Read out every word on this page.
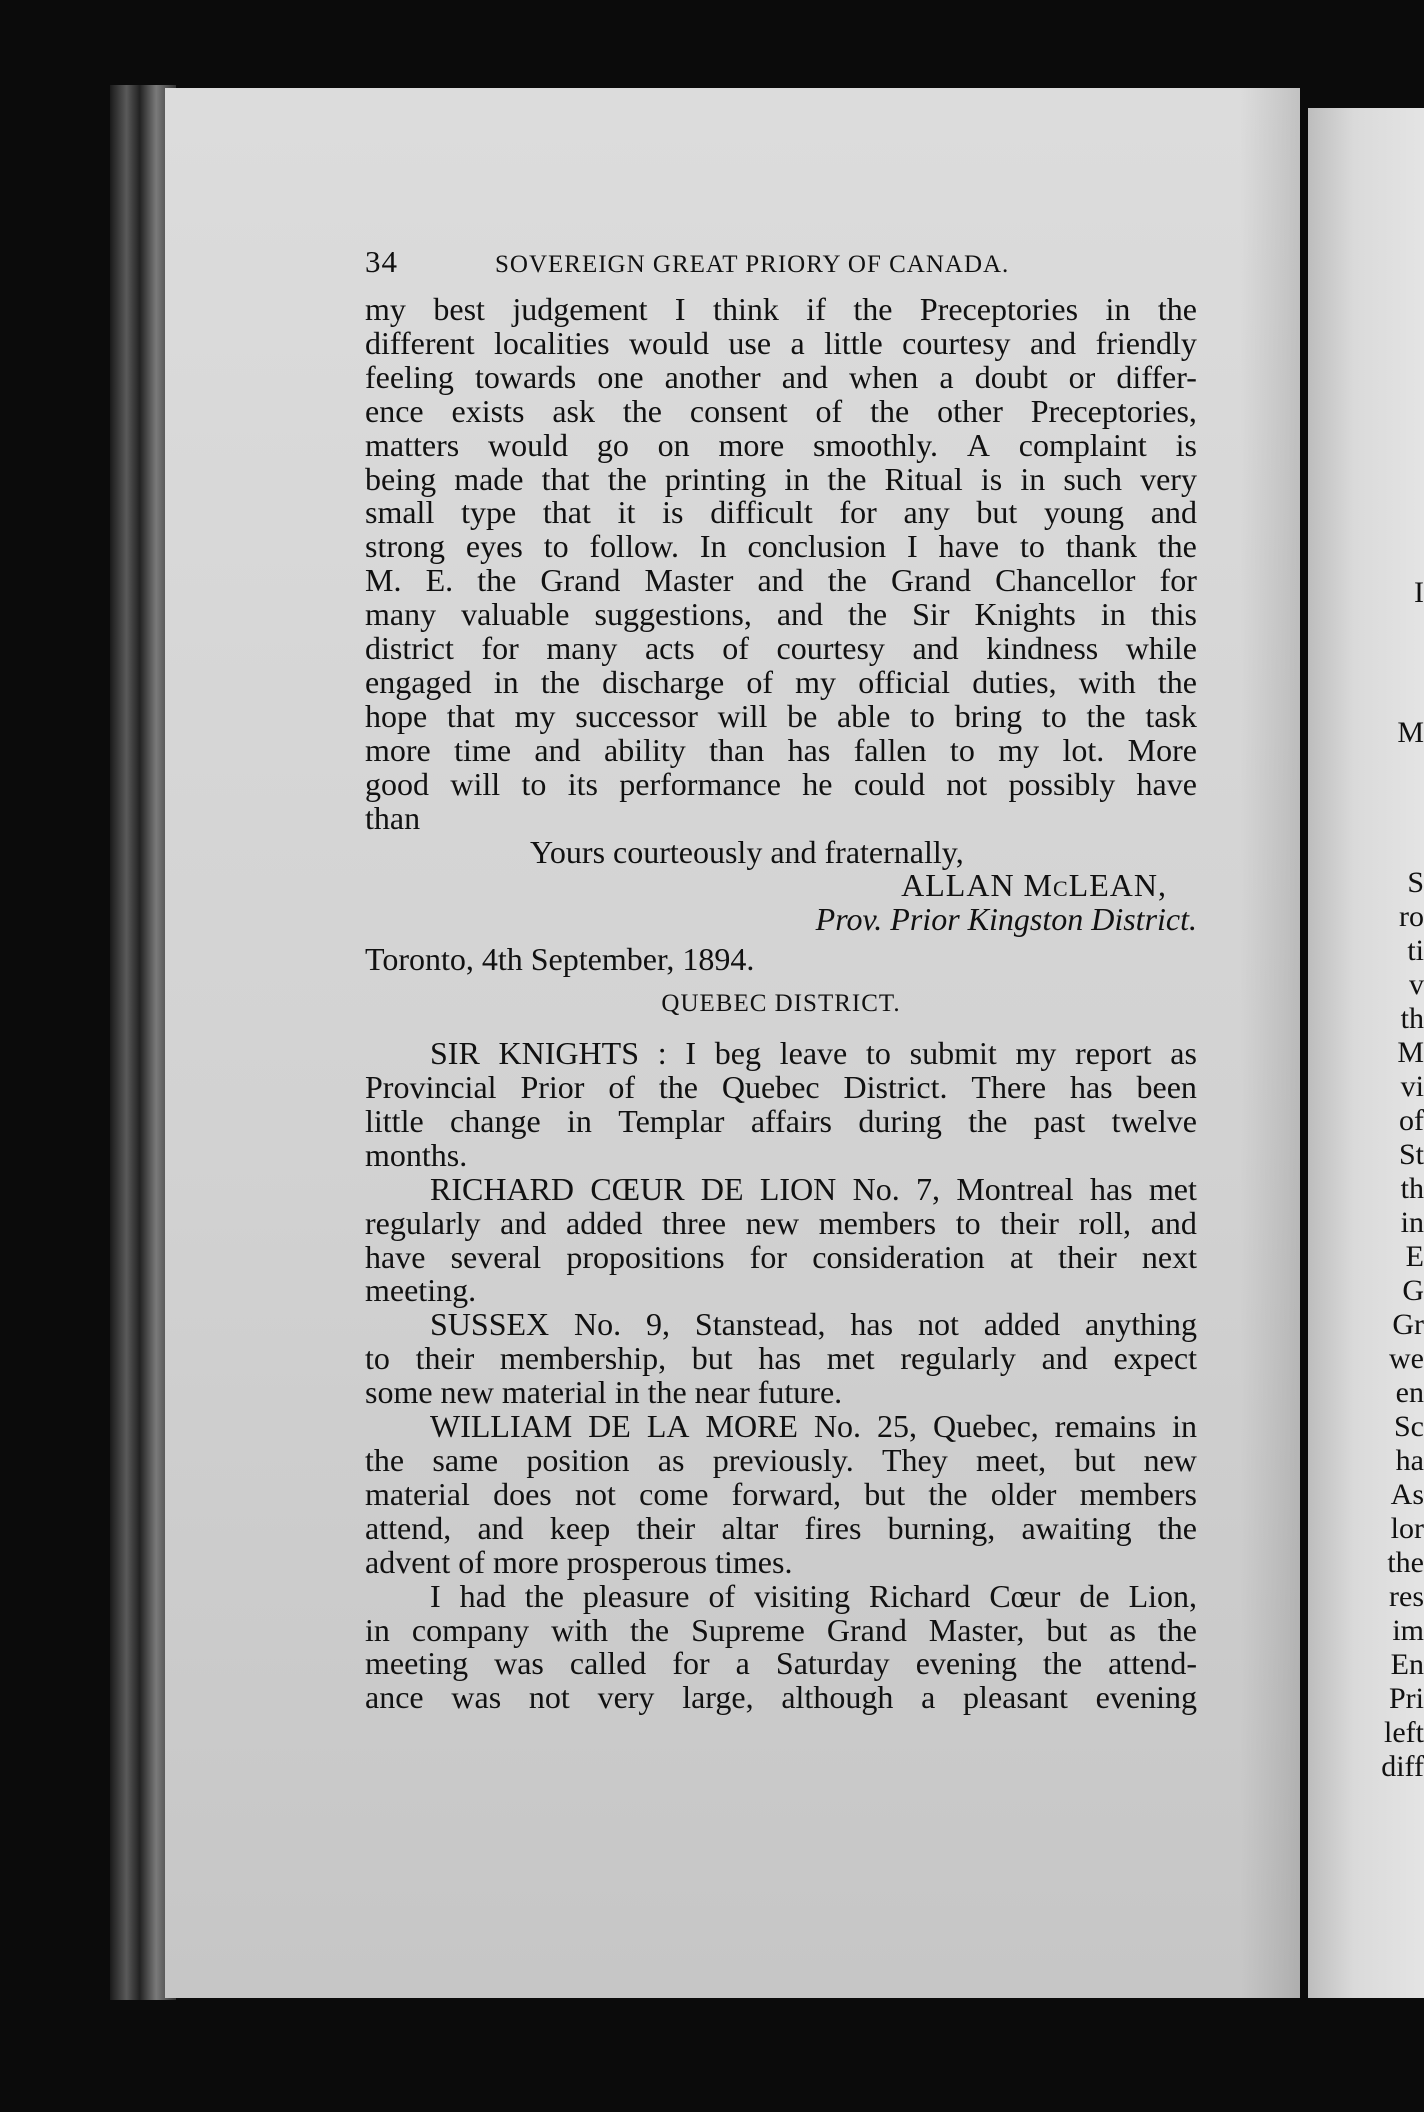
I
M
S
ro
ti
v
th
M
vi
of
St
th
in
E
G
Gr
we
en
Sc
ha
As
lor
the
res
im
En
Pri
left
diff
34	SOVEREIGN GREAT PRIORY OF CANADA.
my best judgement I think if the Preceptories in the
different localities would use a little courtesy and friendly
feeling towards one another and when a doubt or differ-
ence exists ask the consent of the other Preceptories,
matters would go on more smoothly. A complaint is
being made that the printing in the Ritual is in such very
small type that it is difficult for any but young and
strong eyes to follow. In conclusion I have to thank the
M. E. the Grand Master and the Grand Chancellor for
many valuable suggestions, and the Sir Knights in this
district for many acts of courtesy and kindness while
engaged in the discharge of my official duties, with the
hope that my successor will be able to bring to the task
more time and ability than has fallen to my lot. More
good will to its performance he could not possibly have
than
Yours courteously and fraternally,
ALLAN McLEAN,
Prov. Prior Kingston District.
Toronto, 4th September, 1894.
QUEBEC DISTRICT.
SIR KNIGHTS : I beg leave to submit my report as
Provincial Prior of the Quebec District. There has been
little change in Templar affairs during the past twelve
months.
RICHARD CŒUR DE LION No. 7, Montreal has met
regularly and added three new members to their roll, and
have several propositions for consideration at their next
meeting.
SUSSEX No. 9, Stanstead, has not added anything
to their membership, but has met regularly and expect
some new material in the near future.
WILLIAM DE LA MORE No. 25, Quebec, remains in
the same position as previously. They meet, but new
material does not come forward, but the older members
attend, and keep their altar fires burning, awaiting the
advent of more prosperous times.
I had the pleasure of visiting Richard Cœur de Lion,
in company with the Supreme Grand Master, but as the
meeting was called for a Saturday evening the attend-
ance was not very large, although a pleasant evening
